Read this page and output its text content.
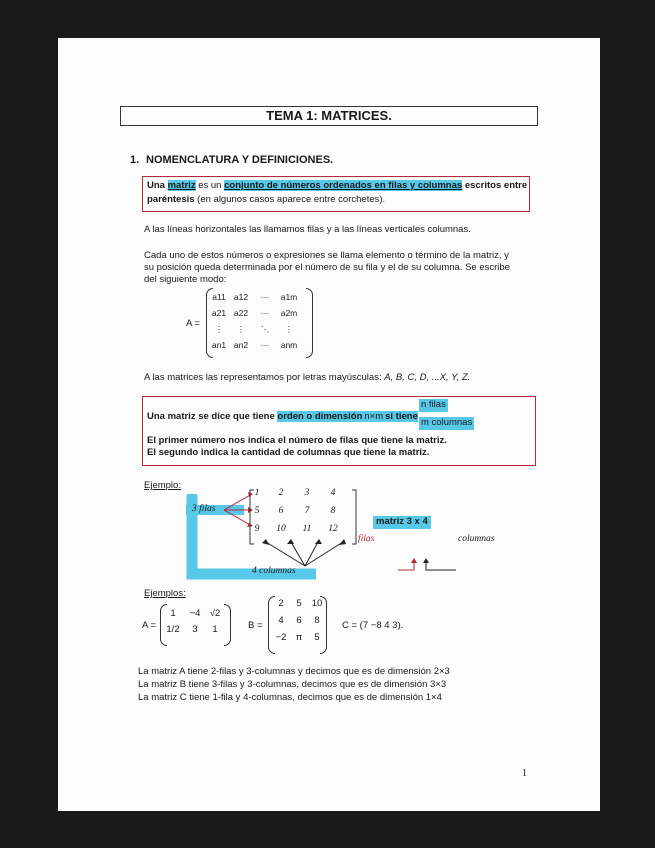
TEMA 1: MATRICES.
1. NOMENCLATURA Y DEFINICIONES.
Una matriz es un conjunto de números ordenados en filas y columnas escritos entre
paréntesis (en algunos casos aparece entre corchetes).
A las líneas horizontales las llamamos filas y a las líneas verticales columnas.
Cada uno de estos números o expresiones se llama elemento o término de la matriz, y
su posición queda determinada por el número de su fila y el de su columna. Se escribe
del siguiente modo:
A =
a11 a12	···	a1m
a21 a22	···	a2m
⋮	⋮	⋱	⋮
an1 an2	···	anm
A las matrices las representamos por letras mayúsculas: A, B, C, D, ...X, Y, Z.
Una matriz se dice que tiene orden o dimensión n×m si tiene
n filas
m columnas
El primer número nos indica el número de filas que tiene la matriz.
El segundo indica la cantidad de columnas que tiene la matriz.
Ejemplo:
3 filas
1	2	3	4
5	6	7	8
9	10	11	12
4 columnas
matriz 3 x 4
filas	columnas
Ejemplos:
A =
1	−4 √2
1/2	3	1	B =
2	5	10
4	6	8
−2 π	5
C = (7 −8 4 3).
La matriz A tiene 2-filas y 3-columnas y decimos que es de dimensión 2×3
La matriz B tiene 3-filas y 3-columnas, decimos que es de dimensión 3×3
La matriz C tiene 1-fila y 4-columnas, decimos que es de dimensión 1×4
1
